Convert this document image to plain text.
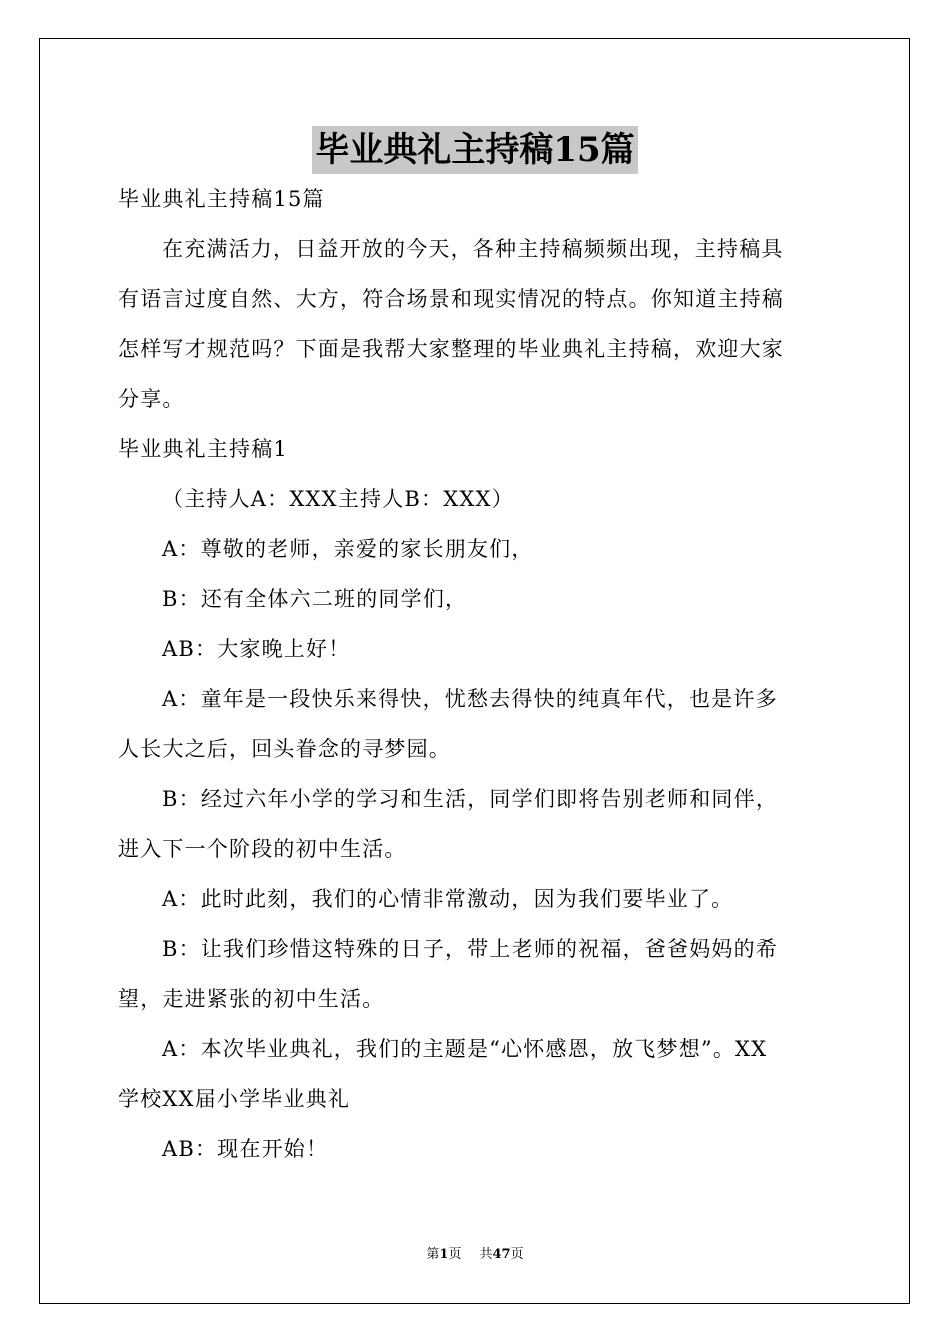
毕业典礼主持稿15篇
毕业典礼主持稿15篇
在充满活力，日益开放的今天，各种主持稿频频出现，主持稿具
有语言过度自然、大方，符合场景和现实情况的特点。你知道主持稿
怎样写才规范吗？下面是我帮大家整理的毕业典礼主持稿，欢迎大家
分享。
毕业典礼主持稿1
（主持人A：XXX主持人B：XXX）
A：尊敬的老师，亲爱的家长朋友们，
B：还有全体六二班的同学们，
AB：大家晚上好！
A：童年是一段快乐来得快，忧愁去得快的纯真年代，也是许多
人长大之后，回头眷念的寻梦园。
B：经过六年小学的学习和生活，同学们即将告别老师和同伴，
进入下一个阶段的初中生活。
A：此时此刻，我们的心情非常激动，因为我们要毕业了。
B：让我们珍惜这特殊的日子，带上老师的祝福，爸爸妈妈的希
望，走进紧张的初中生活。
A：本次毕业典礼，我们的主题是“心怀感恩，放飞梦想”。XX
学校XX届小学毕业典礼
AB：现在开始！
第1页 共47页
